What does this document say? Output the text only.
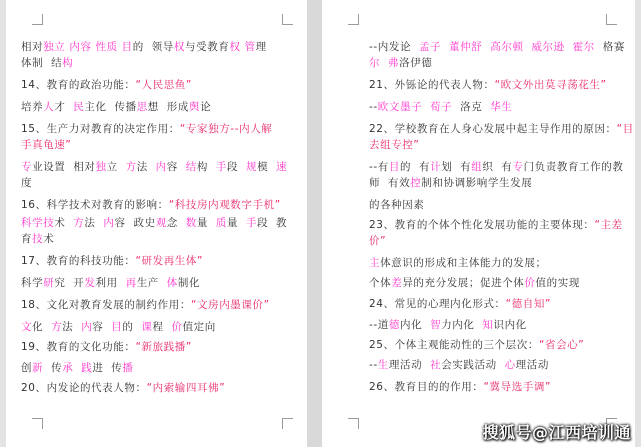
相对独立 内容 性质 目的  领导权与受教育权 管理
体制  结构
14、教育的政治功能：“人民思鱼”
培养人才  民主化  传播思想  形成舆论
15、生产力对教育的决定作用：“专家独方--内人解
手真龟速”
专业设置  相对独立  方法  内容  结构  手段  规模  速
度
16、科学技术对教育的影响：“科技房内观数字手机”
科学技术  方法  内容  政史观念  数量  质量  手段  教
育技术
17、教育的科技功能：“研发再生体”
科学研究  开发利用  再生产  体制化
18、文化对教育发展的制约作用：“文房内墨课价”
文化  方法  内容  目的  课程  价值定向
19、教育的文化功能：“新旅践播”
创新  传承 践进  传播
20、内发论的代表人物：“内索输四耳佛”
--内发论  孟子 董仲舒 高尔顿 威尔逊 霍尔  格赛
尔 弗洛伊德
21、外铄论的代表人物：“欧文外出莫寻荡花生”
--欧文墨子 荀子  洛克  华生
22、学校教育在人身心发展中起主导作用的原因：“目
去组专控”
--有目的  有计划  有组织  有专门负责教育工作的教
师  有效控制和协调影响学生发展
的各种因素
23、教育的个体个性化发展功能的主要体现：“主差
价”
主体意识的形成和主体能力的发展；
个体差异的充分发展；促进个体价值的实现
24、常见的心理内化形式：“德自知”
--道德内化  智力内化  知识内化
25、个体主观能动性的三个层次：“省会心”
--生理活动  社会实践活动  心理活动
26、教育目的的作用：“冀导选手调”
搜狐号@江西培训通
